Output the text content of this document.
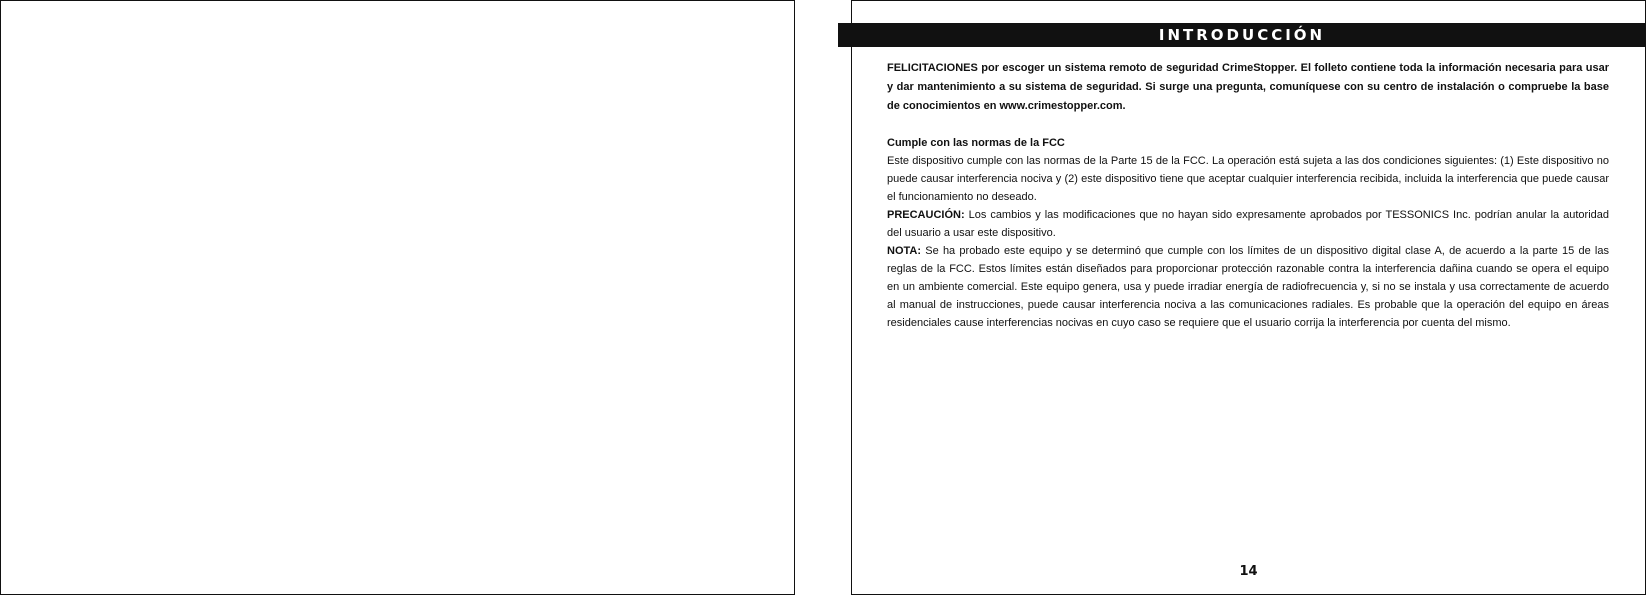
INTRODUCCIÓN

FELICITACIONES por escoger un sistema remoto de seguridad CrimeStopper. El folleto contiene toda la información necesaria para usar y dar mantenimiento a su sistema de seguridad. Si surge una pregunta, comuníquese con su centro de instalación o compruebe la base de conocimientos en www.crimestopper.com.

Cumple con las normas de la FCC

Este dispositivo cumple con las normas de la Parte 15 de la FCC. La operación está sujeta a las dos condiciones siguientes: (1) Este dispositivo no puede causar interferencia nociva y (2) este dispositivo tiene que aceptar cualquier interferencia recibida, incluida la interferencia que puede causar el funcionamiento no deseado.

PRECAUCIÓN: Los cambios y las modificaciones que no hayan sido expresamente aprobados por TESSONICS Inc. podrían anular la autoridad del usuario a usar este dispositivo.

NOTA: Se ha probado este equipo y se determinó que cumple con los límites de un dispositivo digital clase A, de acuerdo a la parte 15 de las reglas de la FCC. Estos límites están diseñados para proporcionar protección razonable contra la interferencia dañina cuando se opera el equipo en un ambiente comercial. Este equipo genera, usa y puede irradiar energía de radiofrecuencia y, si no se instala y usa correctamente de acuerdo al manual de instrucciones, puede causar interferencia nociva a las comunicaciones radiales. Es probable que la operación del equipo en áreas residenciales cause interferencias nocivas en cuyo caso se requiere que el usuario corrija la interferencia por cuenta del mismo.

14
